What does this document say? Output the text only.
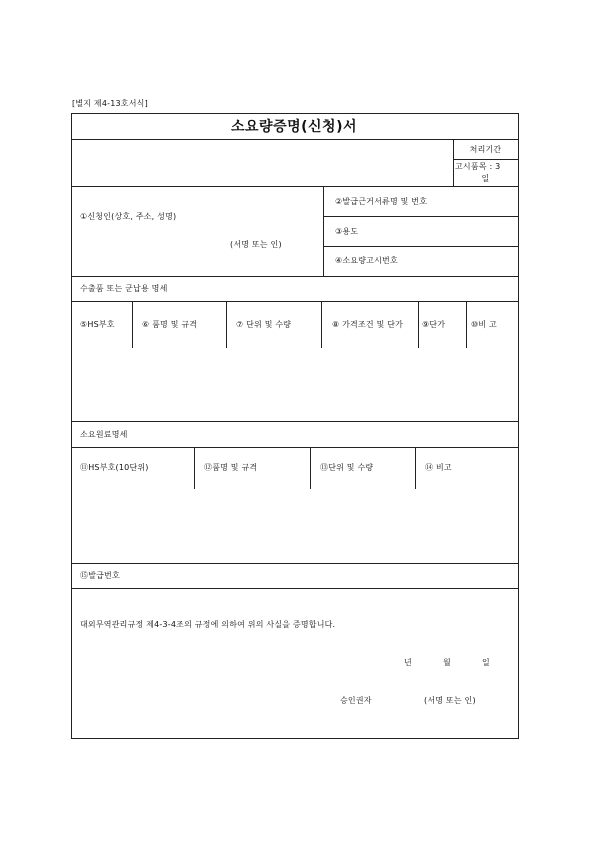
[별지 제4-13호서식]
소요량증명(신청)서
처리기간
고시품목 : 3
일
①신청인(상호, 주소, 성명)
(서명 또는 인)
②발급근거서류명 및 번호
③용도
④소요량고시번호
수출품 또는 군납용 명세
⑤HS부호	⑥ 품명 및 규격	⑦ 단위 및 수량	⑧ 가격조건 및 단가 ⑨단가	⑩비 고
소요원료명세
⑪HS부호(10단위)	⑫품명 및 규격	⑬단위 및 수량	⑭ 비고
⑮발급번호
대외무역관리규정 제4-3-4조의 규정에 의하여 위의 사실을 증명합니다.
년	월	일
승인권자	(서명 또는 인)
